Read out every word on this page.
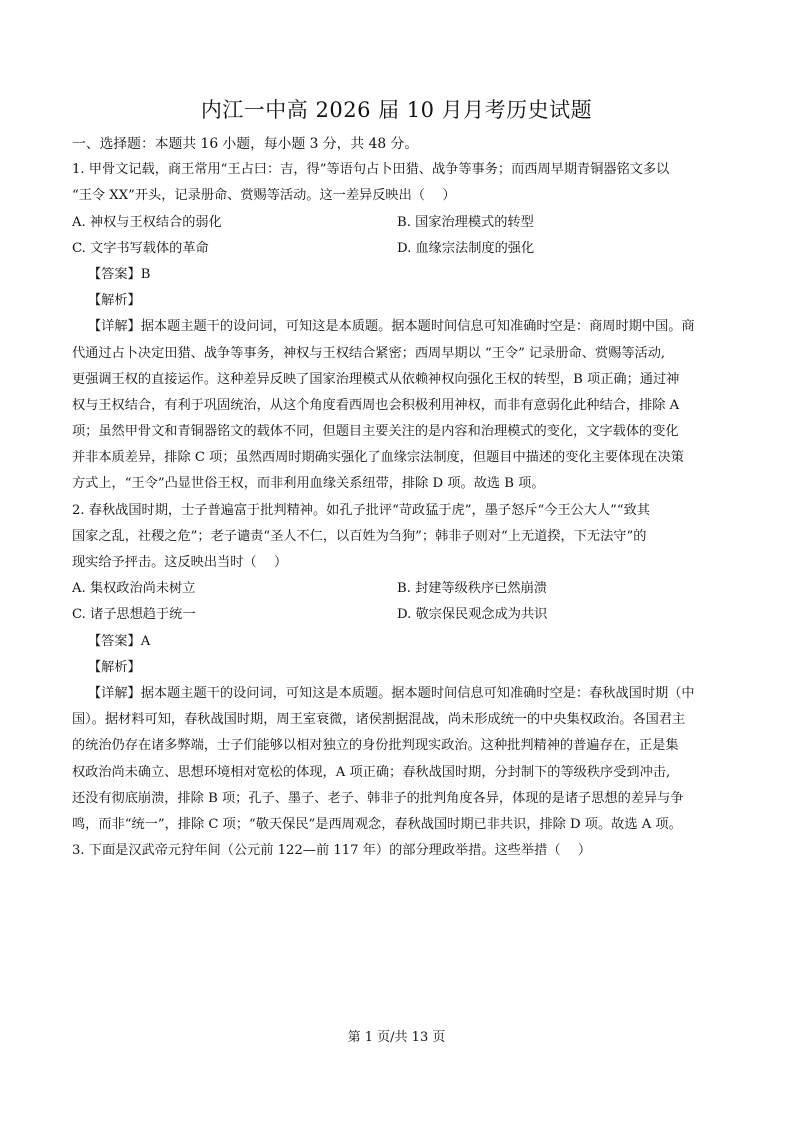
内江一中高 2026 届 10 月月考历史试题
一、选择题：本题共 16 小题，每小题 3 分，共 48 分。
1. 甲骨文记载，商王常用“王占曰：吉，得”等语句占卜田猎、战争等事务；而西周早期青铜器铭文多以
“王令 XX”开头，记录册命、赏赐等活动。这一差异反映出（　 ）
A. 神权与王权结合的弱化	B. 国家治理模式的转型
C. 文字书写载体的革命	D. 血缘宗法制度的强化
【答案】B
【解析】
【详解】据本题主题干的设问词，可知这是本质题。据本题时间信息可知准确时空是：商周时期中国。商
代通过占卜决定田猎、战争等事务，神权与王权结合紧密；西周早期以 “王令” 记录册命、赏赐等活动,
更强调王权的直接运作。这种差异反映了国家治理模式从依赖神权向强化王权的转型，B 项正确；通过神
权与王权结合，有利于巩固统治，从这个角度看西周也会积极利用神权，而非有意弱化此种结合，排除 A
项；虽然甲骨文和青铜器铭文的载体不同，但题目主要关注的是内容和治理模式的变化，文字载体的变化
并非本质差异，排除 C 项；虽然西周时期确实强化了血缘宗法制度，但题目中描述的变化主要体现在决策
方式上，“王令”凸显世俗王权，而非利用血缘关系纽带，排除 D 项。故选 B 项。
2. 春秋战国时期，士子普遍富于批判精神。如孔子批评“苛政猛于虎”，墨子怒斥“今王公大人”“致其
国家之乱，社稷之危”；老子谴责“圣人不仁，以百姓为刍狗”；韩非子则对“上无道揆，下无法守”的
现实给予抨击。这反映出当时（　 ）
A. 集权政治尚未树立	B. 封建等级秩序已然崩溃
C. 诸子思想趋于统一	D. 敬宗保民观念成为共识
【答案】A
【解析】
【详解】据本题主题干的设问词，可知这是本质题。据本题时间信息可知准确时空是：春秋战国时期（中
国）。据材料可知，春秋战国时期，周王室衰微，诸侯割据混战，尚未形成统一的中央集权政治。各国君主
的统治仍存在诸多弊端，士子们能够以相对独立的身份批判现实政治。这种批判精神的普遍存在，正是集
权政治尚未确立、思想环境相对宽松的体现，A 项正确；春秋战国时期，分封制下的等级秩序受到冲击,
还没有彻底崩溃，排除 B 项；孔子、墨子、老子、韩非子的批判角度各异，体现的是诸子思想的差异与争
鸣，而非“统一”，排除 C 项；“敬天保民”是西周观念，春秋战国时期已非共识，排除 D 项。故选 A 项。
3. 下面是汉武帝元狩年间（公元前 122—前 117 年）的部分理政举措。这些举措（　 ）
第 1 页/共 13 页
